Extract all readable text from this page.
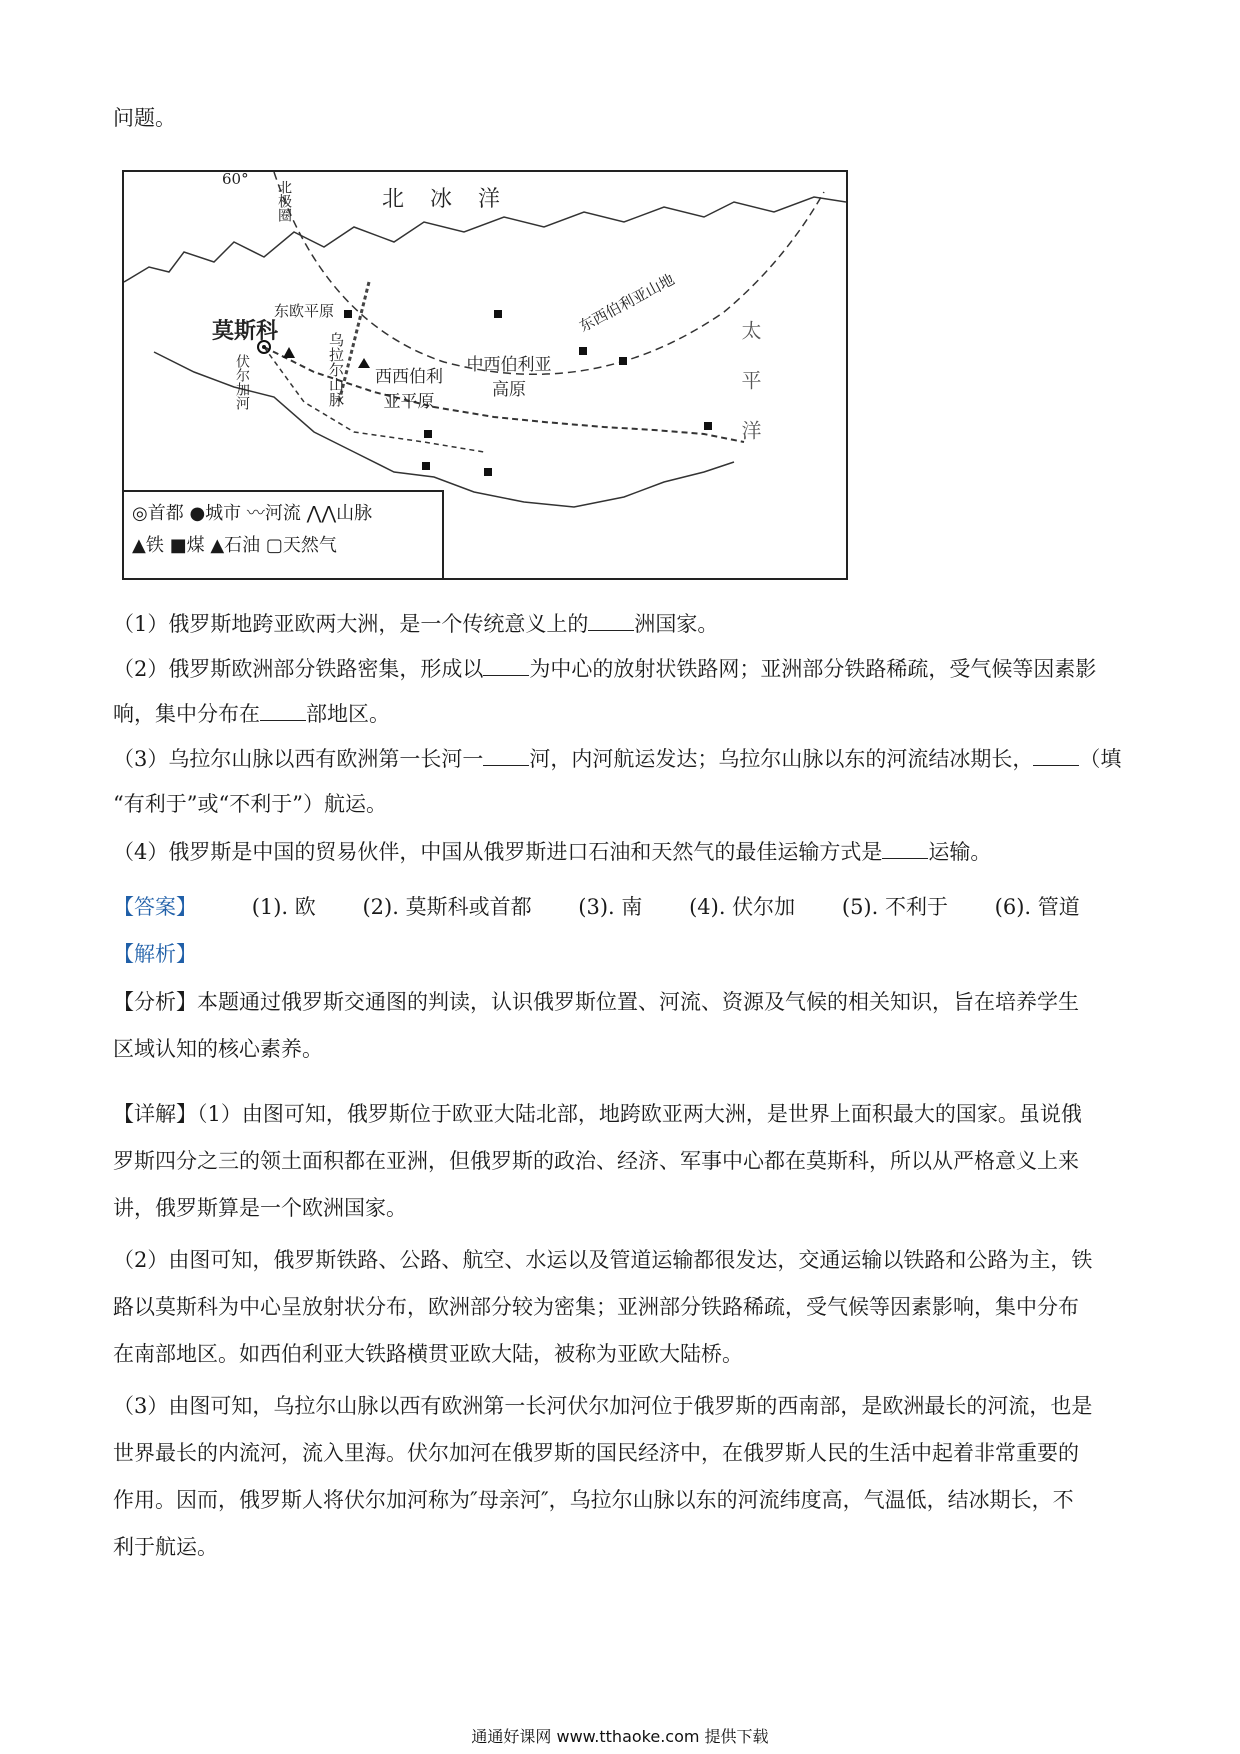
问题。
60°
北极圈	北冰洋
莫斯科
东欧平原
乌拉尔山脉	西西伯利亚平原
中西伯利亚高原
东西伯利亚山地
伏尔加河	太平洋
◎首都 ●城市 〰河流 ⋀⋀山脉
▲铁 ■煤 ▲石油 ▢天然气
（1）俄罗斯地跨亚欧两大洲，是一个传统意义上的 洲国家。
（2）俄罗斯欧洲部分铁路密集，形成以 为中心的放射状铁路网；亚洲部分铁路稀疏，受气候等因素影
响，集中分布在 部地区。
（3）乌拉尔山脉以西有欧洲第一长河一 河，内河航运发达；乌拉尔山脉以东的河流结冰期长， （填
“有利于”或“不利于”）航运。
（4）俄罗斯是中国的贸易伙伴，中国从俄罗斯进口石油和天然气的最佳运输方式是 运输。
【答案】	(1). 欧 (2). 莫斯科或首都 (3). 南 (4). 伏尔加 (5). 不利于 (6). 管道
【解析】
【分析】本题通过俄罗斯交通图的判读，认识俄罗斯位置、河流、资源及气候的相关知识，旨在培养学生
区域认知的核心素养。
【详解】（1）由图可知，俄罗斯位于欧亚大陆北部，地跨欧亚两大洲，是世界上面积最大的国家。虽说俄
罗斯四分之三的领土面积都在亚洲，但俄罗斯的政治、经济、军事中心都在莫斯科，所以从严格意义上来
讲，俄罗斯算是一个欧洲国家。
（2）由图可知，俄罗斯铁路、公路、航空、水运以及管道运输都很发达，交通运输以铁路和公路为主，铁
路以莫斯科为中心呈放射状分布，欧洲部分较为密集；亚洲部分铁路稀疏，受气候等因素影响，集中分布
在南部地区。如西伯利亚大铁路横贯亚欧大陆，被称为亚欧大陆桥。
（3）由图可知，乌拉尔山脉以西有欧洲第一长河伏尔加河位于俄罗斯的西南部，是欧洲最长的河流，也是
世界最长的内流河，流入里海。伏尔加河在俄罗斯的国民经济中，在俄罗斯人民的生活中起着非常重要的
作用。因而，俄罗斯人将伏尔加河称为″母亲河″，乌拉尔山脉以东的河流纬度高，气温低，结冰期长，不
利于航运。
通通好课网 www.tthaoke.com 提供下载
